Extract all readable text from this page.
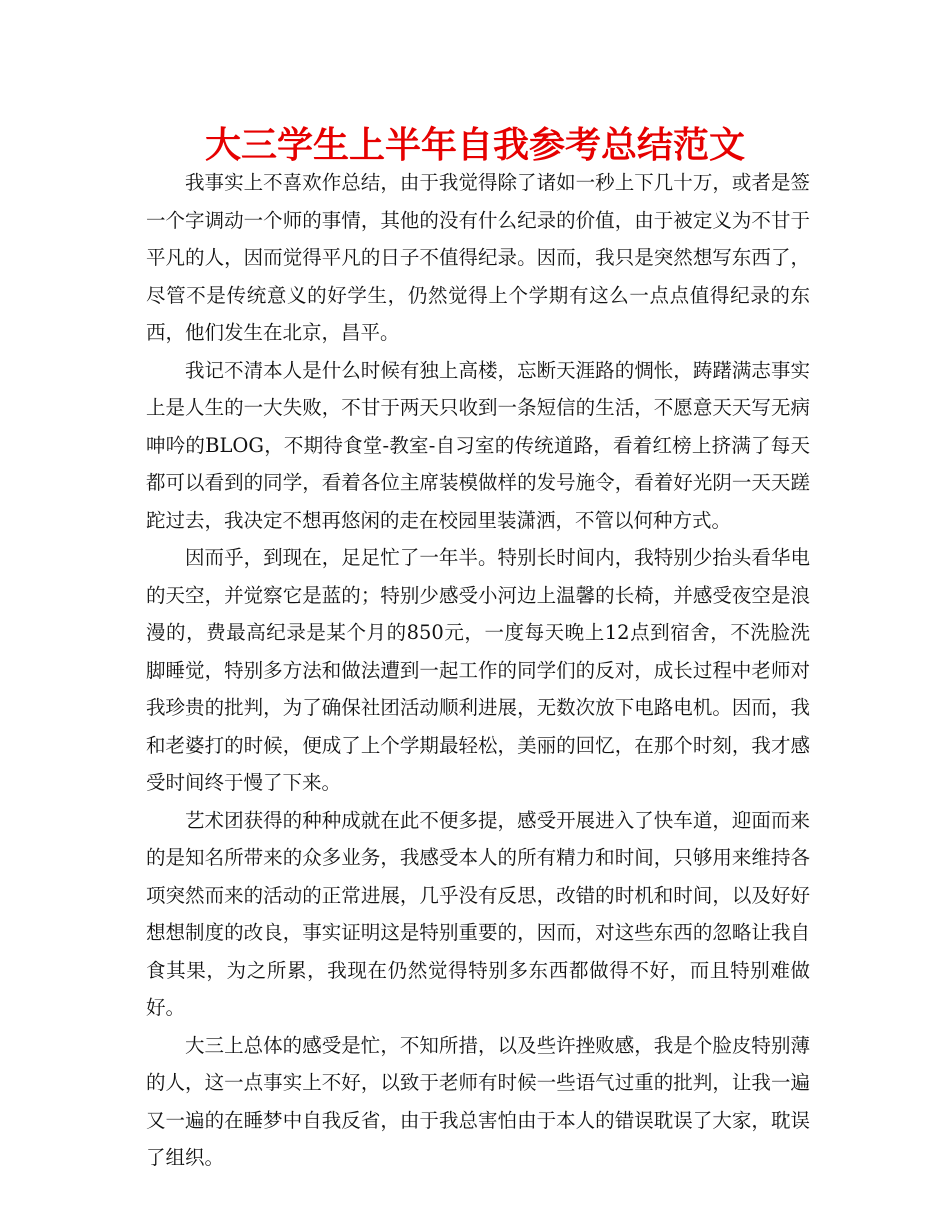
大三学生上半年自我参考总结范文

我事实上不喜欢作总结，由于我觉得除了诸如一秒上下几十万，或者是签一个字调动一个师的事情，其他的没有什么纪录的价值，由于被定义为不甘于平凡的人，因而觉得平凡的日子不值得纪录。因而，我只是突然想写东西了，尽管不是传统意义的好学生，仍然觉得上个学期有这么一点点值得纪录的东西，他们发生在北京，昌平。

我记不清本人是什么时候有独上高楼，忘断天涯路的惆怅，踌躇满志事实上是人生的一大失败，不甘于两天只收到一条短信的生活，不愿意天天写无病呻吟的BLOG，不期待食堂-教室-自习室的传统道路，看着红榜上挤满了每天都可以看到的同学，看着各位主席装模做样的发号施令，看着好光阴一天天蹉跎过去，我决定不想再悠闲的走在校园里装潇洒，不管以何种方式。

因而乎，到现在，足足忙了一年半。特别长时间内，我特别少抬头看华电的天空，并觉察它是蓝的；特别少感受小河边上温馨的长椅，并感受夜空是浪漫的，费最高纪录是某个月的850元，一度每天晚上12点到宿舍，不洗脸洗脚睡觉，特别多方法和做法遭到一起工作的同学们的反对，成长过程中老师对我珍贵的批判，为了确保社团活动顺利进展，无数次放下电路电机。因而，我和老婆打的时候，便成了上个学期最轻松，美丽的回忆，在那个时刻，我才感受时间终于慢了下来。

艺术团获得的种种成就在此不便多提，感受开展进入了快车道，迎面而来的是知名所带来的众多业务，我感受本人的所有精力和时间，只够用来维持各项突然而来的活动的正常进展，几乎没有反思，改错的时机和时间，以及好好想想制度的改良，事实证明这是特别重要的，因而，对这些东西的忽略让我自食其果，为之所累，我现在仍然觉得特别多东西都做得不好，而且特别难做好。

大三上总体的感受是忙，不知所措，以及些许挫败感，我是个脸皮特别薄的人，这一点事实上不好，以致于老师有时候一些语气过重的批判，让我一遍又一遍的在睡梦中自我反省，由于我总害怕由于本人的错误耽误了大家，耽误了组织。
